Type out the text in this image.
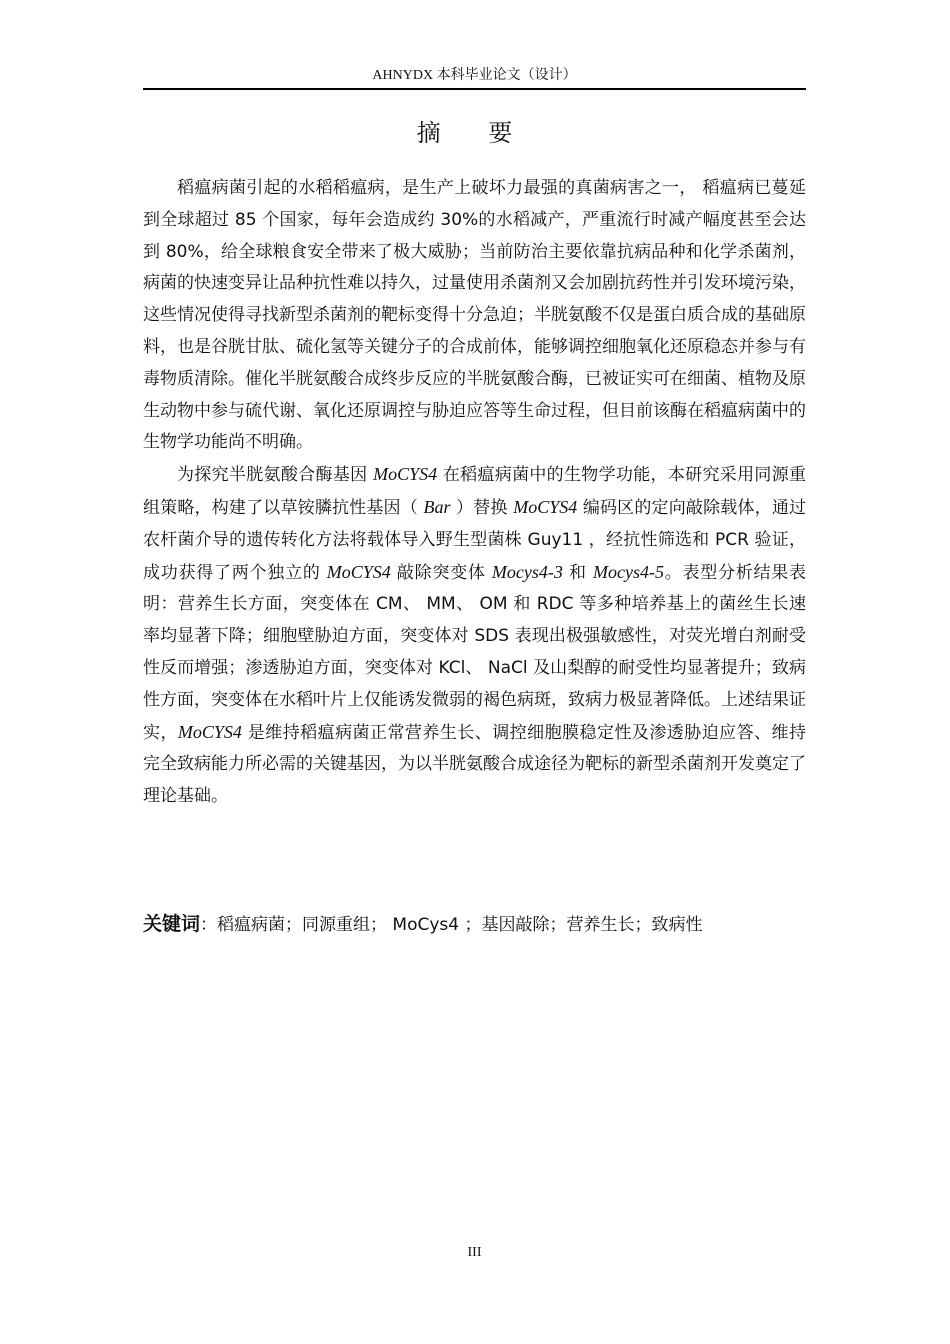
AHNYDX 本科毕业论文（设计）
摘 要

稻瘟病菌引起的水稻稻瘟病，是生产上破坏力最强的真菌病害之一， 稻瘟病已蔓延到全球超过 85 个国家，每年会造成约 30%的水稻减产，严重流行时减产幅度甚至会达到 80%，给全球粮食安全带来了极大威胁；当前防治主要依靠抗病品种和化学杀菌剂，病菌的快速变异让品种抗性难以持久，过量使用杀菌剂又会加剧抗药性并引发环境污染，这些情况使得寻找新型杀菌剂的靶标变得十分急迫；半胱氨酸不仅是蛋白质合成的基础原料，也是谷胱甘肽、硫化氢等关键分子的合成前体，能够调控细胞氧化还原稳态并参与有毒物质清除。催化半胱氨酸合成终步反应的半胱氨酸合酶，已被证实可在细菌、植物及原生动物中参与硫代谢、氧化还原调控与胁迫应答等生命过程，但目前该酶在稻瘟病菌中的生物学功能尚不明确。

为探究半胱氨酸合酶基因 MoCYS4 在稻瘟病菌中的生物学功能，本研究采用同源重组策略，构建了以草铵膦抗性基因（ Bar ）替换 MoCYS4 编码区的定向敲除载体，通过农杆菌介导的遗传转化方法将载体导入野生型菌株 Guy11 ，经抗性筛选和 PCR 验证，成功获得了两个独立的 MoCYS4 敲除突变体 Mocys4-3 和 Mocys4-5。表型分析结果表明：营养生长方面，突变体在 CM、 MM、 OM 和 RDC 等多种培养基上的菌丝生长速率均显著下降；细胞壁胁迫方面，突变体对 SDS 表现出极强敏感性，对荧光增白剂耐受性反而增强；渗透胁迫方面，突变体对 KCl、 NaCl 及山梨醇的耐受性均显著提升；致病性方面，突变体在水稻叶片上仅能诱发微弱的褐色病斑，致病力极显著降低。上述结果证实，MoCYS4 是维持稻瘟病菌正常营养生长、调控细胞膜稳定性及渗透胁迫应答、维持完全致病能力所必需的关键基因，为以半胱氨酸合成途径为靶标的新型杀菌剂开发奠定了理论基础。

关键词：稻瘟病菌；同源重组； MoCys4 ；基因敲除；营养生长；致病性
III
